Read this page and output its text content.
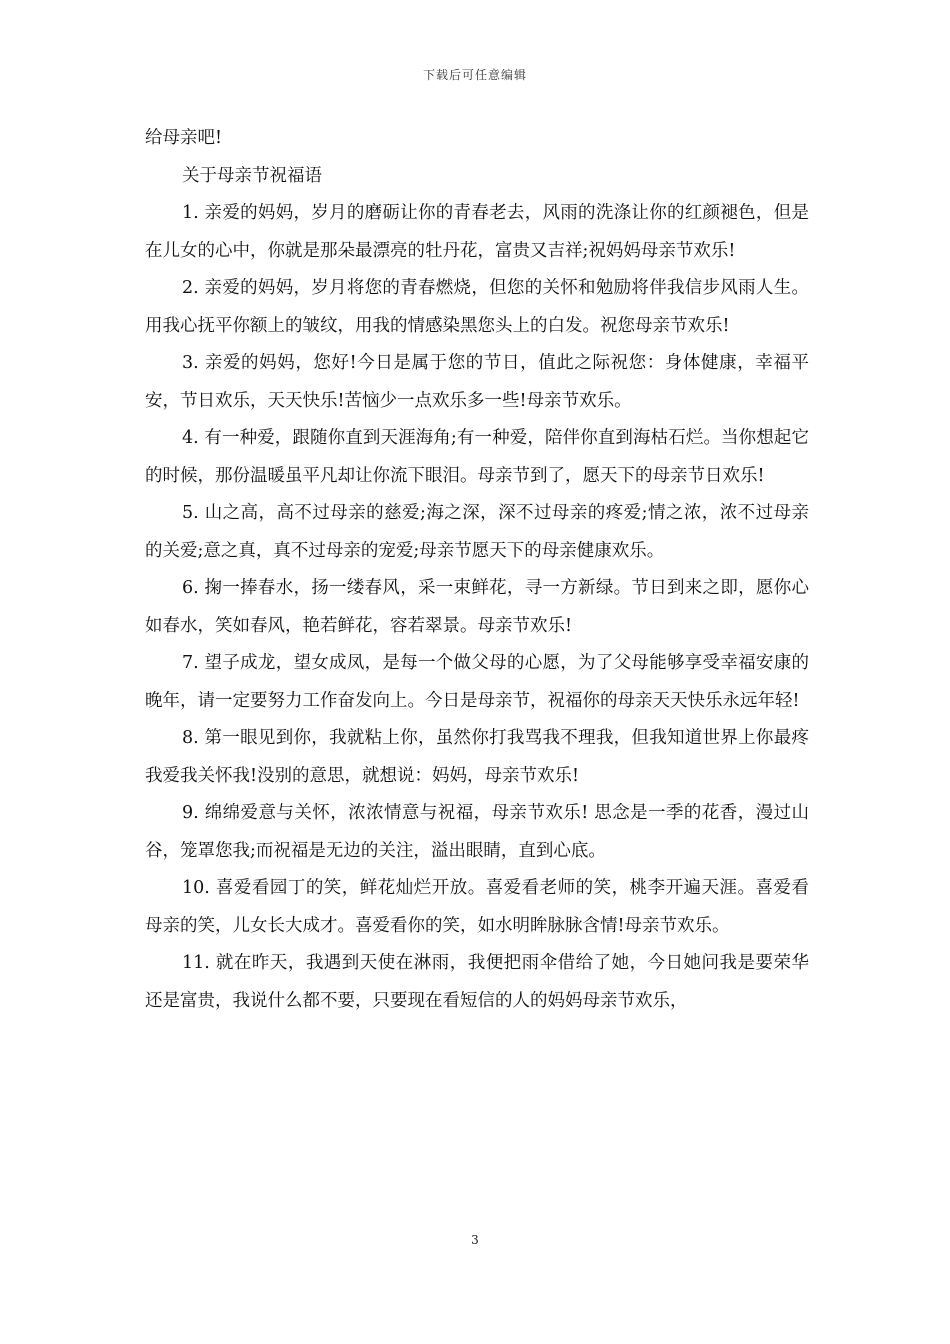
下载后可任意编辑

给母亲吧!

关于母亲节祝福语

1. 亲爱的妈妈，岁月的磨砺让你的青春老去，风雨的洗涤让你的红颜褪色，但是在儿女的心中，你就是那朵最漂亮的牡丹花，富贵又吉祥;祝妈妈母亲节欢乐!

2. 亲爱的妈妈，岁月将您的青春燃烧，但您的关怀和勉励将伴我信步风雨人生。用我心抚平你额上的皱纹，用我的情感染黑您头上的白发。祝您母亲节欢乐!

3. 亲爱的妈妈，您好!今日是属于您的节日，值此之际祝您：身体健康，幸福平安，节日欢乐，天天快乐!苦恼少一点欢乐多一些!母亲节欢乐。

4. 有一种爱，跟随你直到天涯海角;有一种爱，陪伴你直到海枯石烂。当你想起它的时候，那份温暖虽平凡却让你流下眼泪。母亲节到了，愿天下的母亲节日欢乐!

5. 山之高，高不过母亲的慈爱;海之深，深不过母亲的疼爱;情之浓，浓不过母亲的关爱;意之真，真不过母亲的宠爱;母亲节愿天下的母亲健康欢乐。

6. 掬一捧春水，扬一缕春风，采一束鲜花，寻一方新绿。节日到来之即，愿你心如春水，笑如春风，艳若鲜花，容若翠景。母亲节欢乐!

7. 望子成龙，望女成凤，是每一个做父母的心愿，为了父母能够享受幸福安康的晚年，请一定要努力工作奋发向上。今日是母亲节，祝福你的母亲天天快乐永远年轻!

8. 第一眼见到你，我就粘上你，虽然你打我骂我不理我，但我知道世界上你最疼我爱我关怀我!没别的意思，就想说：妈妈，母亲节欢乐!

9. 绵绵爱意与关怀，浓浓情意与祝福，母亲节欢乐! 思念是一季的花香，漫过山谷，笼罩您我;而祝福是无边的关注，溢出眼睛，直到心底。

10. 喜爱看园丁的笑，鲜花灿烂开放。喜爱看老师的笑，桃李开遍天涯。喜爱看母亲的笑，儿女长大成才。喜爱看你的笑，如水明眸脉脉含情!母亲节欢乐。

11. 就在昨天，我遇到天使在淋雨，我便把雨伞借给了她，今日她问我是要荣华还是富贵，我说什么都不要，只要现在看短信的人的妈妈母亲节欢乐，

3
